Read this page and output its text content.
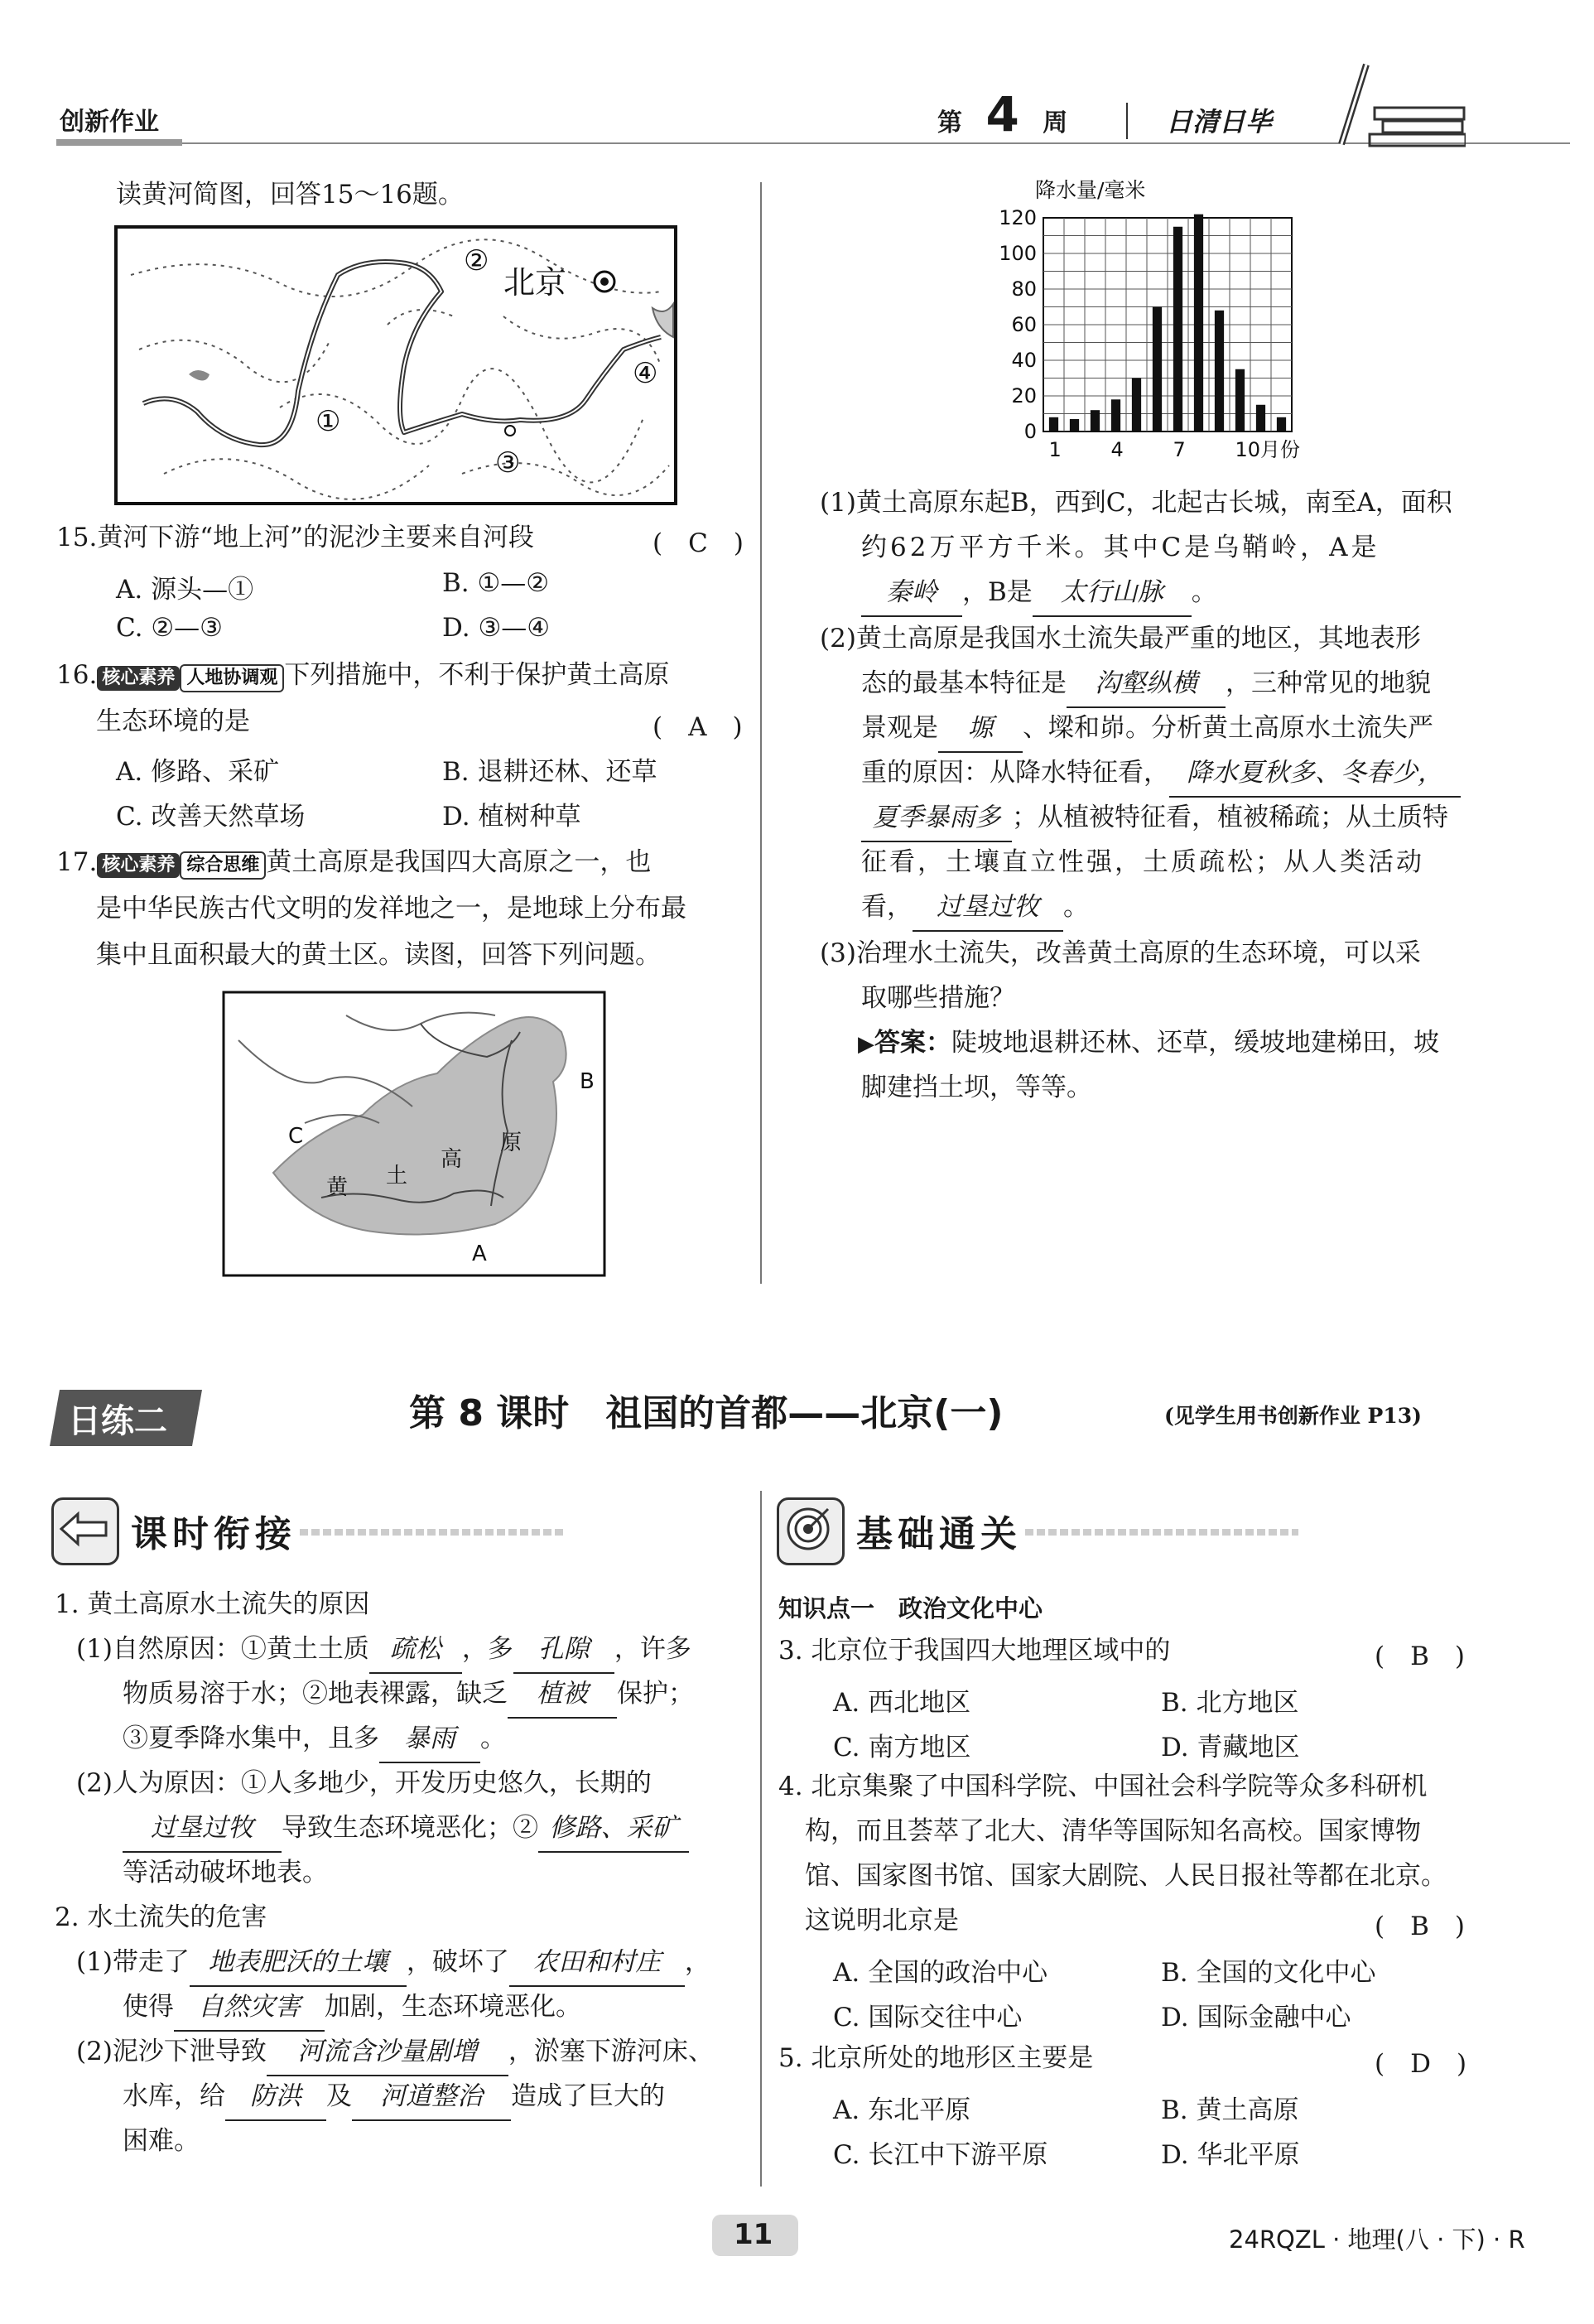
创新作业	第 4 周	日清日毕
读黄河简图，回答15～16题。
北京
①
②
③
④
15.黄河下游“地上河”的泥沙主要来自河段	(　C　)
A. 源头—①	B. ①—②
C. ②—③	D. ③—④
16. 核心素养 人地协调观 下列措施中，不利于保护黄土高原
生态环境的是	(　A　)
A. 修路、采矿	B. 退耕还林、还草
C. 改善天然草场	D. 植树种草
17. 核心素养 综合思维 黄土高原是我国四大高原之一，也
是中华民族古代文明的发祥地之一，是地球上分布最
集中且面积最大的黄土区。读图，回答下列问题。
C
B
A
黄 土
高
原
降水量/毫米
0
20
40
60
80
100
120
1 4 7 10月份
(1)黄土高原东起B，西到C，北起古长城，南至A，面积
约62万平方千米。其中C是乌鞘岭，A是
秦岭 ，B是 太行山脉 。
(2)黄土高原是我国水土流失最严重的地区，其地表形
态的最基本特征是 沟壑纵横 ，三种常见的地貌
景观是 塬 、墚和峁。分析黄土高原水土流失严
重的原因：从降水特征看， 降水夏秋多、冬春少，
夏季暴雨多 ；从植被特征看，植被稀疏；从土质特
征看，土壤直立性强，土质疏松；从人类活动
看， 过垦过牧 。
(3)治理水土流失，改善黄土高原的生态环境，可以采
取哪些措施？
▶答案：陡坡地退耕还林、还草，缓坡地建梯田，坡
脚建挡土坝，等等。
日练二	第 8 课时　祖国的首都——北京(一)	(见学生用书创新作业 P13)
课时衔接	基础通关
1. 黄土高原水土流失的原因
(1)自然原因：①黄土土质 疏松 ，多 孔隙 ，许多
物质易溶于水；②地表裸露，缺乏 植被 保护；
③夏季降水集中，且多 暴雨 。
(2)人为原因：①人多地少，开发历史悠久，长期的
过垦过牧 导致生态环境恶化；② 修路、采矿
等活动破坏地表。
2. 水土流失的危害
(1)带走了 地表肥沃的土壤 ，破坏了 农田和村庄 ，
使得 自然灾害 加剧，生态环境恶化。
(2)泥沙下泄导致 河流含沙量剧增 ，淤塞下游河床、
水库，给 防洪 及 河道整治 造成了巨大的
困难。
知识点一　政治文化中心
3. 北京位于我国四大地理区域中的	(　B　)
A. 西北地区	B. 北方地区
C. 南方地区	D. 青藏地区
4. 北京集聚了中国科学院、中国社会科学院等众多科研机
构，而且荟萃了北大、清华等国际知名高校。国家博物
馆、国家图书馆、国家大剧院、人民日报社等都在北京。
这说明北京是	(　B　)
A. 全国的政治中心	B. 全国的文化中心
C. 国际交往中心	D. 国际金融中心
5. 北京所处的地形区主要是	(　D　)
A. 东北平原	B. 黄土高原
C. 长江中下游平原	D. 华北平原
11	24RQZL · 地理(八 · 下) · R
